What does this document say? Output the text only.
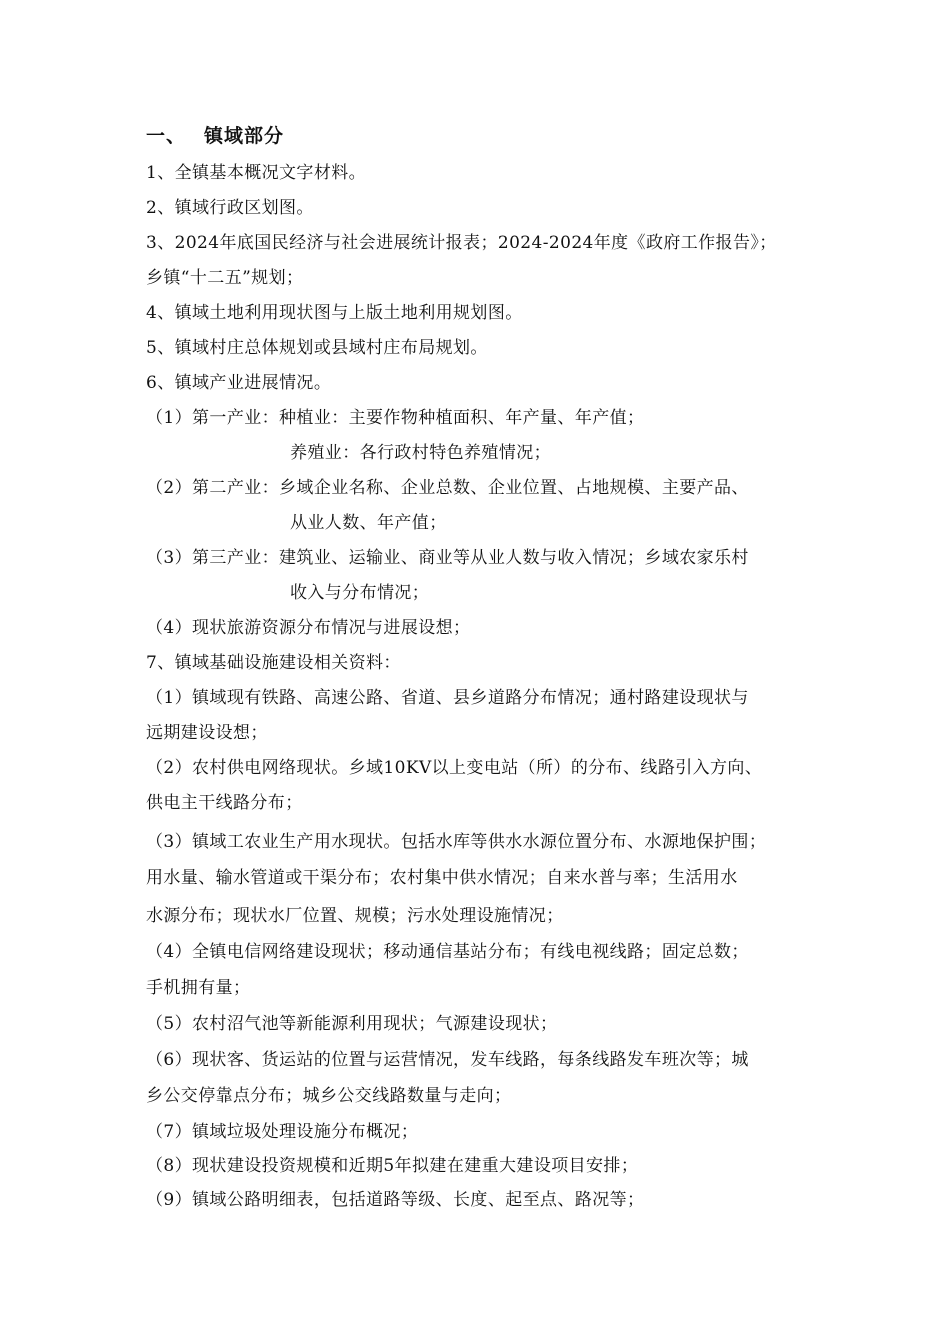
一、 镇域部分
1、全镇基本概况文字材料。
2、镇域行政区划图。
3、2024年底国民经济与社会进展统计报表；2024-2024年度《政府工作报告》；
乡镇“十二五”规划；
4、镇域土地利用现状图与上版土地利用规划图。
5、镇域村庄总体规划或县域村庄布局规划。
6、镇域产业进展情况。
（1）第一产业：种植业：主要作物种植面积、年产量、年产值；
养殖业：各行政村特色养殖情况；
（2）第二产业：乡域企业名称、企业总数、企业位置、占地规模、主要产品、
从业人数、年产值；
（3）第三产业：建筑业、运输业、商业等从业人数与收入情况；乡域农家乐村
收入与分布情况；
（4）现状旅游资源分布情况与进展设想；
7、镇域基础设施建设相关资料：
（1）镇域现有铁路、高速公路、省道、县乡道路分布情况；通村路建设现状与
远期建设设想；
（2）农村供电网络现状。乡域10KV以上变电站（所）的分布、线路引入方向、
供电主干线路分布；
（3）镇域工农业生产用水现状。包括水库等供水水源位置分布、水源地保护围；
用水量、输水管道或干渠分布；农村集中供水情况；自来水普与率；生活用水
水源分布；现状水厂位置、规模；污水处理设施情况；
（4）全镇电信网络建设现状；移动通信基站分布；有线电视线路；固定总数；
手机拥有量；
（5）农村沼气池等新能源利用现状；气源建设现状；
（6）现状客、货运站的位置与运营情况，发车线路，每条线路发车班次等；城
乡公交停靠点分布；城乡公交线路数量与走向；
（7）镇域垃圾处理设施分布概况；
（8）现状建设投资规模和近期5年拟建在建重大建设项目安排；
（9）镇域公路明细表，包括道路等级、长度、起至点、路况等；
